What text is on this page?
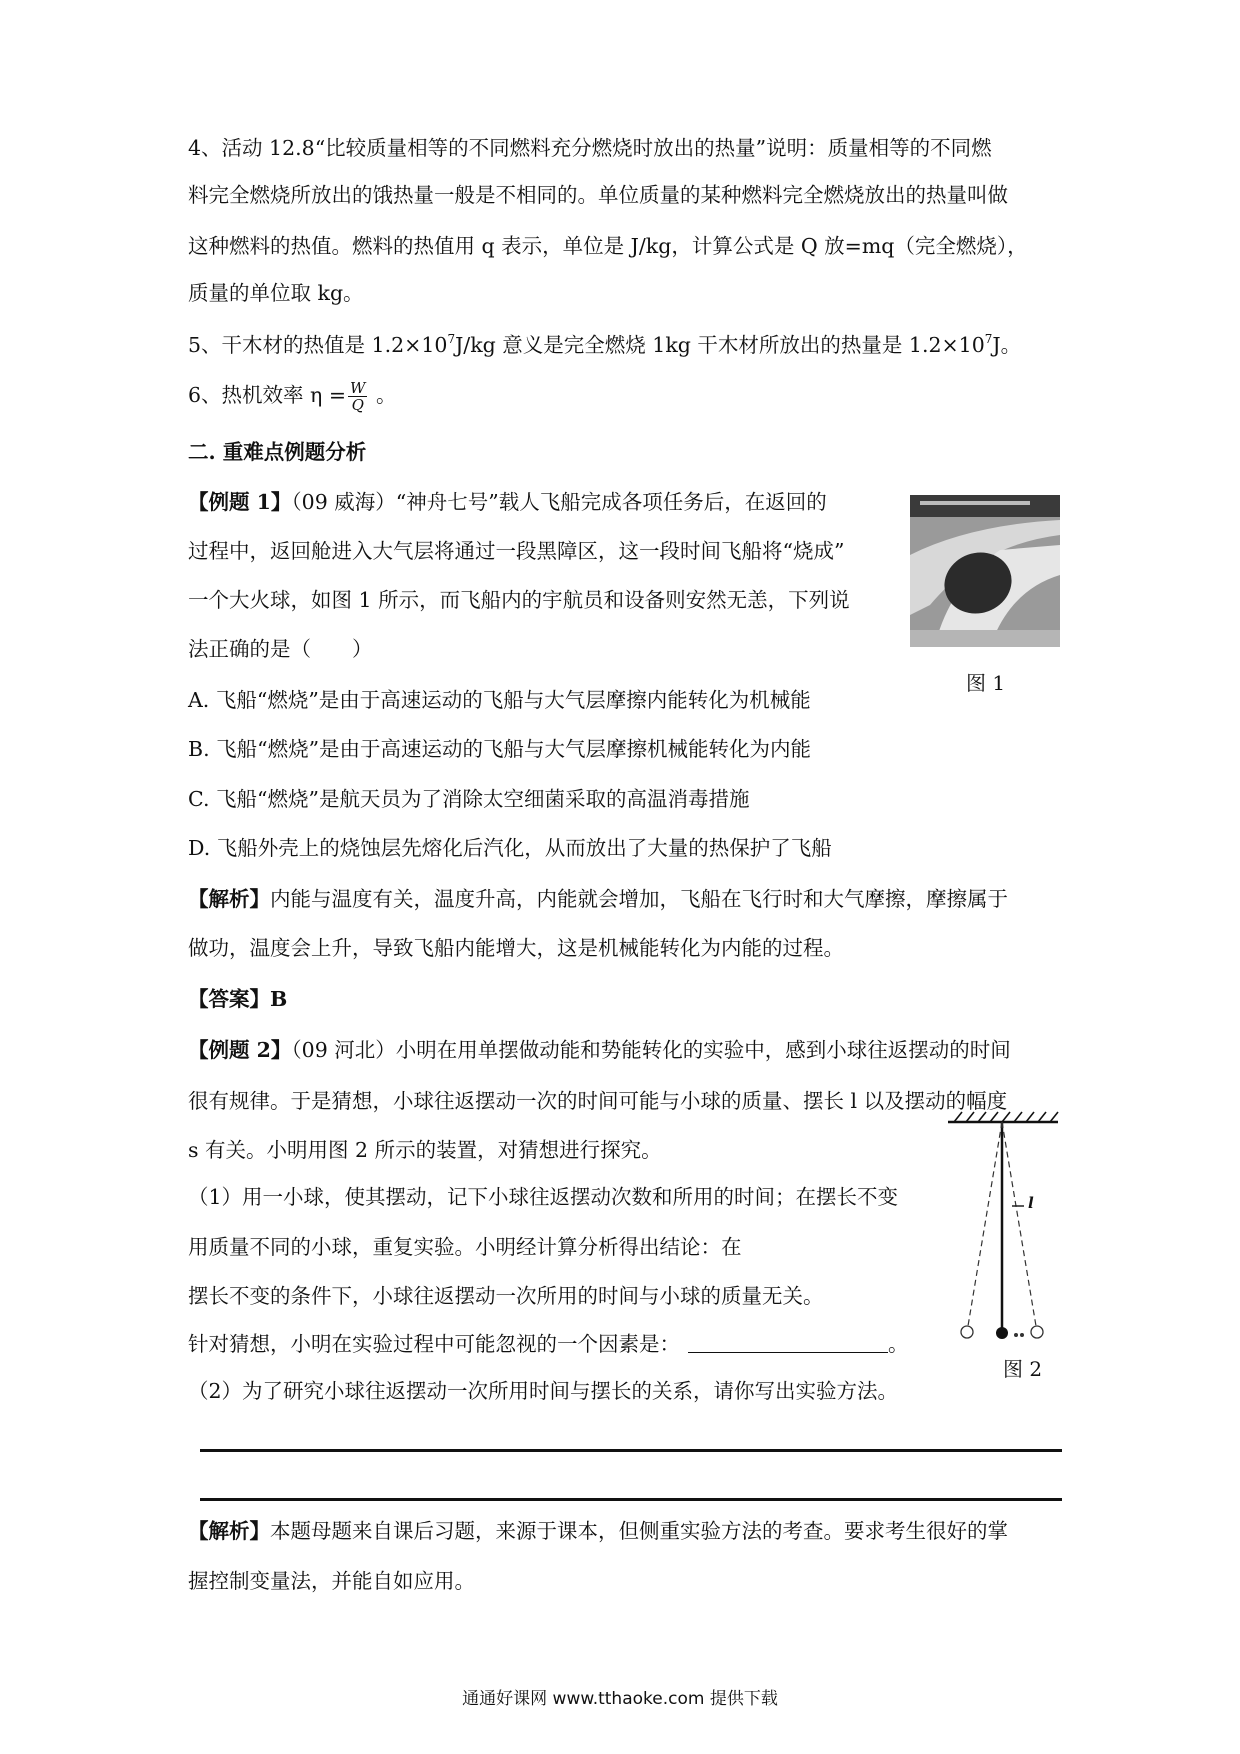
4、活动 12.8“比较质量相等的不同燃料充分燃烧时放出的热量”说明：质量相等的不同燃
料完全燃烧所放出的饿热量一般是不相同的。单位质量的某种燃料完全燃烧放出的热量叫做
这种燃料的热值。燃料的热值用 q 表示，单位是 J/kg，计算公式是 Q 放=mq（完全燃烧），
质量的单位取 kg。
5、干木材的热值是 $1.2\times 10^7J/kg$ 意义是完全燃烧 1kg 干木材所放出的热量是 $1.2\times 10^7J$。
6、热机效率 $\eta = \frac{W}{Q}$ 。
二. 重难点例题分析
【例题 1】（09 威海）“神舟七号”载人飞船完成各项任务后，在返回的
过程中，返回舱进入大气层将通过一段黑障区，这一段时间飞船将“烧成”
一个大火球，如图 1 所示，而飞船内的宇航员和设备则安然无恙，下列说
法正确的是（　　）
A. 飞船“燃烧”是由于高速运动的飞船与大气层摩擦内能转化为机械能
B. 飞船“燃烧”是由于高速运动的飞船与大气层摩擦机械能转化为内能
C. 飞船“燃烧”是航天员为了消除太空细菌采取的高温消毒措施
D. 飞船外壳上的烧蚀层先熔化后汽化，从而放出了大量的热保护了飞船
图 1
【解析】内能与温度有关，温度升高，内能就会增加，飞船在飞行时和大气摩擦，摩擦属于
做功，温度会上升，导致飞船内能增大，这是机械能转化为内能的过程。
【答案】B
【例题 2】（09 河北）小明在用单摆做动能和势能转化的实验中，感到小球往返摆动的时间
很有规律。于是猜想，小球往返摆动一次的时间可能与小球的质量、摆长 l 以及摆动的幅度
s 有关。小明用图 2 所示的装置，对猜想进行探究。
（1）用一小球，使其摆动，记下小球往返摆动次数和所用的时间；在摆长不变
用质量不同的小球，重复实验。小明经计算分析得出结论：在
摆长不变的条件下，小球往返摆动一次所用的时间与小球的质量无关。
针对猜想，小明在实验过程中可能忽视的一个因素是：	。
（2）为了研究小球往返摆动一次所用时间与摆长的关系，请你写出实验方法。
l
图 2
【解析】本题母题来自课后习题，来源于课本，但侧重实验方法的考查。要求考生很好的掌
握控制变量法，并能自如应用。
通通好课网 www.tthaoke.com 提供下载
